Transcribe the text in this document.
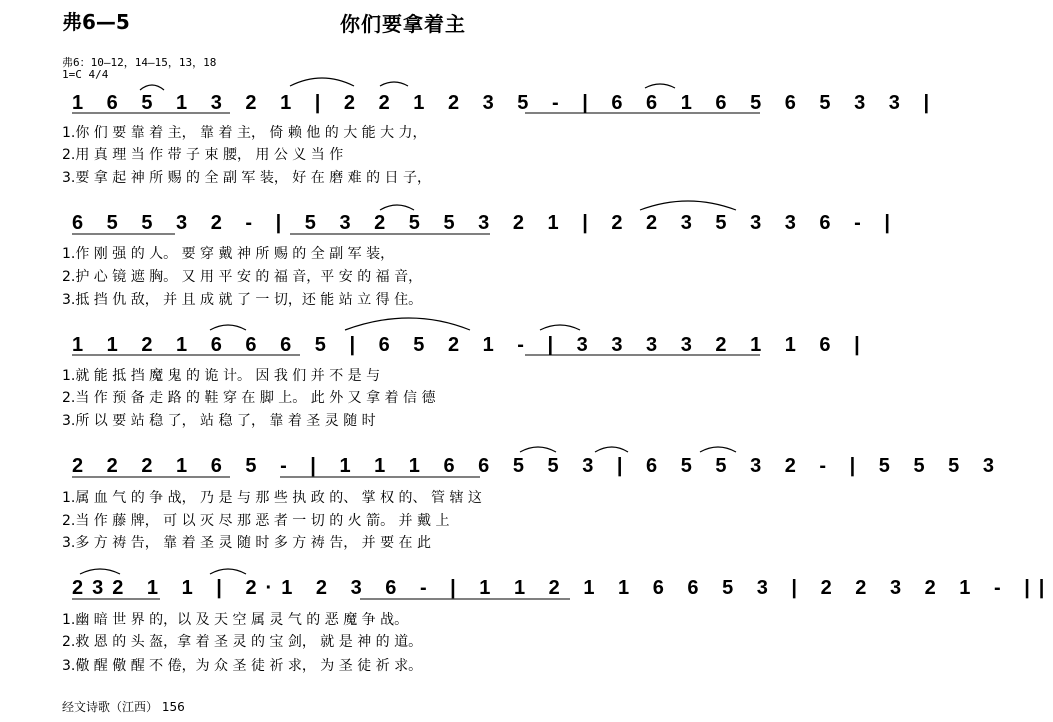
弗6—5	你们要拿着主
弗6：10—12，14—15，13，18
1=C 4/4
1 6 5 1 3 2 1 | 2 2 1 2 3 5 - | 6 6 1 6 5 6 5 3 3 |
1.你 们 要 靠 着 主， 靠 着 主， 倚 赖 他 的 大 能 大 力，
2.用 真 理 当 作 带 子 束 腰， 用 公 义 当 作
3.要 拿 起 神 所 赐 的 全 副 军 装， 好 在 磨 难 的 日 子，
6 5 5 3 2 - | 5 3 2 5 5 3 2 1 | 2 2 3 5 3 3 6 - |
1.作 刚 强 的 人。 要 穿 戴 神 所 赐 的 全 副 军 装，
2.护 心 镜 遮 胸。 又 用 平 安 的 福 音，平 安 的 福 音，
3.抵 挡 仇 敌， 并 且 成 就 了 一 切，还 能 站 立 得 住。
1 1 2 1 6 6 6 5 | 6 5 2 1 - | 3 3 3 3 2 1 1 6 |
1.就 能 抵 挡 魔 鬼 的 诡 计。 因 我 们 并 不 是 与
2.当 作 预 备 走 路 的 鞋 穿 在 脚 上。 此 外 又 拿 着 信 德
3.所 以 要 站 稳 了， 站 稳 了， 靠 着 圣 灵 随 时
2 2 2 1 6 5 - | 1 1 1 6 6 5 5 3 | 6 5 5 3 2 - | 5 5 5 3
1.属 血 气 的 争 战， 乃 是 与 那 些 执 政 的、 掌 权 的、 管 辖 这
2.当 作 藤 牌， 可 以 灭 尽 那 恶 者 一 切 的 火 箭。 并 戴 上
3.多 方 祷 告， 靠 着 圣 灵 随 时 多 方 祷 告， 并 要 在 此
232 1 1 | 2·1 2 3 6 - | 1 1 2 1 1 6 6 5 3 | 2 2 3 2 1 - ||
1.幽 暗 世 界 的，以 及 天 空 属 灵 气 的 恶 魔 争 战。
2.救 恩 的 头 盔，拿 着 圣 灵 的 宝 剑， 就 是 神 的 道。
3.儆 醒 儆 醒 不 倦，为 众 圣 徒 祈 求， 为 圣 徒 祈 求。
经文诗歌（江西） 156
